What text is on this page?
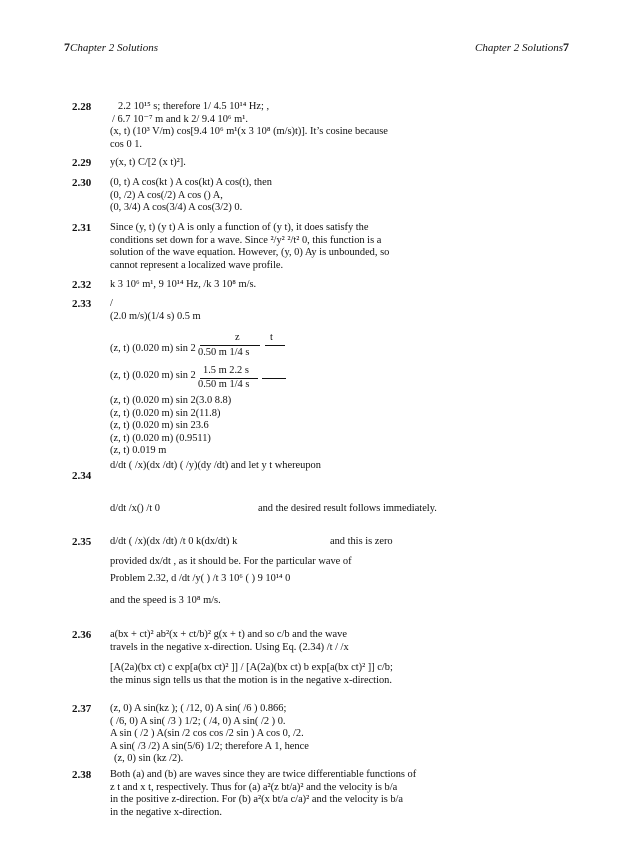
7Chapter 2 Solutions	Chapter 2 Solutions7
2.28	2.2 10¹⁵ s; therefore 1/ 4.5 10¹⁴ Hz; ,
/ 6.7 10⁻⁷ m and k 2/ 9.4 10⁶ m¹.
(x, t) (10³ V/m) cos[9.4 10⁶ m¹(x 3 10⁸ (m/s)t)]. It’s cosine because
cos 0 1.
2.29 y(x, t) C/[2 (x t)²].
2.30 (0, t) A cos(kt ) A cos(kt) A cos(t), then
(0, /2) A cos(/2) A cos () A,
(0, 3/4) A cos(3/4) A cos(3/2) 0.
2.31 Since (y, t) (y t) A is only a function of (y t), it does satisfy the
conditions set down for a wave. Since ²/y² ²/t² 0, this function is a
solution of the wave equation. However, (y, 0) Ay is unbounded, so
cannot represent a localized wave profile.
2.32 k 3 10⁶ m¹, 9 10¹⁴ Hz, /k 3 10⁸ m/s.
2.33 /
(2.0 m/s)(1/4 s) 0.5 m
(z, t) (0.020 m) sin 2
z	t
0.50 m 1/4 s
(z, t) (0.020 m) sin 2 1.5 m 2.2 s
0.50 m 1/4 s
(z, t) (0.020 m) sin 2(3.0 8.8)
(z, t) (0.020 m) sin 2(11.8)
(z, t) (0.020 m) sin 23.6
(z, t) (0.020 m) (0.9511)
(z, t) 0.019 m
2.34
d/dt ( /x)(dx /dt) ( /y)(dy /dt) and let y t whereupon
d/dt /x() /t 0	and the desired result follows immediately.
2.35 d/dt ( /x)(dx /dt) /t 0 k(dx/dt) k	and this is zero
provided dx/dt , as it should be. For the particular wave of
Problem 2.32, d /dt /y( ) /t 3 10⁶ ( ) 9 10¹⁴ 0
and the speed is 3 10⁸ m/s.
2.36 a(bx + ct)² ab²(x + ct/b)² g(x + t) and so c/b and the wave
travels in the negative x-direction. Using Eq. (2.34) /t / /x
[A(2a)(bx ct) c exp[a(bx ct)² ]] / [A(2a)(bx ct) b exp[a(bx ct)² ]] c/b;
the minus sign tells us that the motion is in the negative x-direction.
2.37 (z, 0) A sin(kz ); ( /12, 0) A sin( /6 ) 0.866;
( /6, 0) A sin( /3 ) 1/2; ( /4, 0) A sin( /2 ) 0.
A sin ( /2 ) A(sin /2 cos cos /2 sin ) A cos 0, /2.
A sin( /3 /2) A sin(5/6) 1/2; therefore A 1, hence
(z, 0) sin (kz /2).
2.38 Both (a) and (b) are waves since they are twice differentiable functions of
z t and x t, respectively. Thus for (a) a²(z bt/a)² and the velocity is b/a
in the positive z-direction. For (b) a²(x bt/a c/a)² and the velocity is b/a
in the negative x-direction.
